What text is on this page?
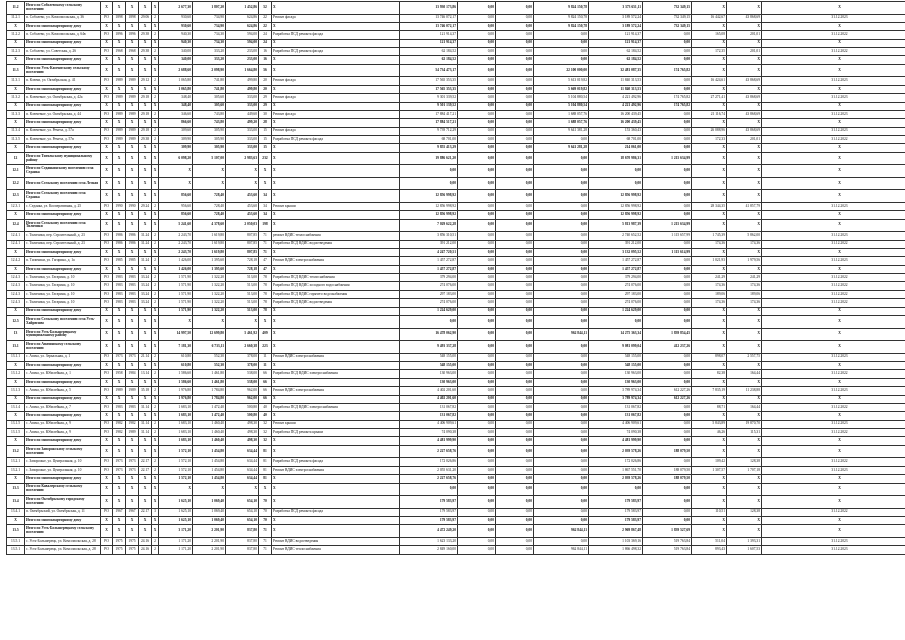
11.2	Итого по Соболевскому сельскому поселению	X	X	X	X	X	2 677,30	1 807,20	1 452,86	52	X	13 930 173,86	0,00	0,00	9 824 150,78	3 373 651,11	732 349,15	X	X	X
11.2.1	п. Соболево, ул. Комсомольская, д. 36	РО	1898	1898	29.06	2	930,60	734,90	624,86	22	Ремонт фасада	13 746 072,17	0,00	0,00	9 824 150,78	3 189 572,24	732 349,15	16 442,67	43 868,69	31.12.2023
X	Итого по многоквартирному дому	X	X	X	X	X	930,60	734,90	624,86	22	X	13 746 072,17	0,00	0,00	9 824 150,78	3 189 572,24	732 349,15	X	X	X
11.2.2	п. Соболево, ул. Комсомольская, д. 64в	РО	1896	1896	29.38	2	940,30	734,30	594,00	24	Разработка ПСД ремонта фасада	121 914,37	0,00	0,00	0,00	121 914,37	0,00	165,08	201,01	31.12.2022
X	Итого по многоквартирному дому	X	X	X	X	X	940,30	734,30	594,00	24	X	121 914,37	0,00	0,00	0,00	121 914,37	0,00	X	X	X
11.2.3	п. Соболево, ул. Советская, д. 26	РО	1968	1968	29.38	2	340,00	333,20	233,00	16	Разработка ПСД ремонта фасада	62 184,52	0,00	0,00	0,00	62 184,52	0,00	172,35	201,01	31.12.2022
X	Итого по многоквартирному дому	X	X	X	X	X	340,00	333,20	233,00	16	X	62 184,52	0,00	0,00	0,00	62 184,52	0,00	X	X	X
11.3	Итого по Усть-Камчатскому сельскому поселению	X	X	X	X	X	2 688,60	2 098,90	1 664,80	56	X	54 734 473,17	0,00	0,00	22 100 000,00	32 481 087,35	174 765,82	X	X	X
11.3.1	п. Ключи, ул. Октябрьская, д. 41	РО	1989	1989	29.12	2	1 065,80	741,80	499,80	20	Ремонт фасада	17 565 353,35	0,00	0,00	5 613 019,82	11 840 313,53	0,00	16 424,61	43 868,69	31.12.2023
X	Итого по многоквартирному дому	X	X	X	X	X	1 065,80	741,80	499,80	20	X	17 565 353,35	0,00	0,00	5 669 019,82	11 840 313,53	0,00	X	X	X
11.3.2	п. Ключевые, ул. Октябрьская, д. 42а	РО	1989	1989	29.18	2	348,40	305,60	333,00	29	Ремонт фасада	9 301 339,52	0,00	0,00	5 104 880,54	4 221 492,96	174 765,82	27 271,41	43 868,69	31.12.2023
X	Итого по многоквартирному дому	X	X	X	X	X	348,40	305,60	333,00	29	X	9 501 139,52	0,00	0,00	5 104 880,54	4 221 492,96	174 765,82	X	X	X
11.3.3	п. Ключевые, ул. Октябрьская, д. 44	РО	1989	1989	29.18	2	346,60	743,80	449,60	30	Ремонт фасада	17 884 417,21	0,00	0,00	1 688 057,76	16 200 439,45	0,00	21 116,74	43 868,69	31.12.2023
X	Итого по многоквартирному дому	X	X	X	X	X	866,60	743,80	499,20	28	X	17 884 517,21	0,00	0,00	1 688 057,76	16 200 439,45	0,00	X	X	X
11.3.4	п. Ключевые, ул. Ремеза, д. 57а	РО	1989	1989	29.18	2	309,60	305,90	333,00	15	Ремонт фасада	9 739 712,29	0,00	0,00	9 641 381,28	153 360,43	0,00	26 088,96	43 868,69	31.12.2023
11.3.5	п. Ключевые, ул. Ремеза, д. 57в	РО	1989	1989	29.38	2	309,90	305,90	333,00	15	Разработка ПСД ремонта фасада	68 701,00	0,00	0,00	0,00	68 701,00	0,00	172,33	201,01	31.12.2022
X	Итого по многоквартирному дому	X	X	X	X	X	309,90	305,90	333,00	15	X	9 855 413,29	0,00	0,00	9 641 281,28	214 061,00	0,00	X	X	X
12	Итого по Тигильскому муниципальному району	X	X	X	X	X	6 098,20	5 107,00	2 983,63	232	X	19 886 621,20	0,00	0,00	0,00	18 670 986,31	1 215 634,99	X	X	X
12.1	Итого по Седанкинскому поселению села Седанка	X	X	X	X	X	X	X	X	X	X	0,00	0,00	0,00	0,00	0,00	0,00	X	X	X
12.2	Итого по Сельскому поселению села Лесная	X	X	X	X	X	X	X	X	X	X	0,00	0,00	0,00	0,00	0,00	0,00	X	X	X
12.3	Итого по Сельскому поселению села Седанка	X	X	X	X	X	856,60	728,40	453,60	34	X	12 856 998,92	0,00	0,00	0,00	12 856 998,92	0,00	X	X	X
12.3.1	с. Седанка, ул. Кооперативная, д. 25	РО	1990	1990	29.24	2	956,60	728,40	453,60	34	Ремонт крыши	12 856 998,92	0,00	0,00	0,00	12 856 998,92	0,00	28 344,35	41 857,79	31.12.2023
X	Итого по многоквартирному дому	X	X	X	X	X	856,60	728,40	453,60	34	X	12 856 998,92	0,00	0,00	0,00	12 856 998,92	0,00	X	X	X
12.4	Итого по Сельскому поселению села Тиличики	X	X	X	X	X	5 241,60	4 378,60	2 050,03	198	X	7 029 622,28	0,00	0,00	0,00	5 813 987,39	1 215 634,99	X	X	X
12.4.1	с. Тиличики, пер. Строительный, д. 23	РО	1986	1986	31.24	2	2 243,70	1 619,80	807,85	71	ремонт ВДИС теплоснабжения	3 856 310,51	0,00	0,00	0,00	2 740 652,52	1 115 657,99	1 745,39	5 862,00	31.12.2023
12.4.1	с. Тиличики, пер. Строительный, д. 23	РО	1986	1986	31.24	2	2 243,70	1 619,80	807,85	71	Разработка ПСД ВДИС водоотведения	391 212,00	0,00	0,00	0,00	391 212,00	0,00	174,36	174,36	31.12.2022
X	Итого по многоквартирному дому	X	X	X	X	X	2 243,70	1 619,80	807,85	71	X	4 247 720,51	0,00	0,00	0,00	3 132 095,52	1 115 614,99	X	X	X
12.4.2	п. Тиличики, ул. Гагарина, д. 1а	РО	1985	1985	31.24	2	1 426,00	1 395,60	728,18	47	Ремонт ВДИС электроснабжения	1 457 272,87	0,00	0,00	0,00	1 457 272,87	0,00	1 021,93	1 979,56	31.12.2023
X	Итого по многоквартирному дому	X	X	X	X	X	1 426,00	1 395,60	728,18	47	X	1 457 272,87	0,00	0,00	0,00	1 457 272,87	0,00	X	X	X
12.4.3	с. Тиличики, ул. Гагарина, д. 10	РО	1983	1983	33.24	2	1 571,90	1 322,20	513,00	78	Разработка ПСД ВДИС теплоснабжения	379 294,00	0,00	0,00	0,00	379 294,00	0,00	241,29	241,29	31.12.2022
12.4.3	с. Тиличики, ул. Гагарина, д. 10	РО	1983	1983	33.24	2	1 571,90	1 322,20	513,00	78	Разработка ПСД ВДИС холодного водоснабжения	274 076,00	0,00	0,00	0,00	274 076,00	0,00	174,36	174,36	31.12.2022
12.4.3	с. Тиличики, ул. Гагарина, д. 10	РО	1983	1983	33.24	2	1 571,90	1 322,20	513,00	78	Разработка ПСД ВДИС горячего водоснабжения	297 183,00	0,00	0,00	0,00	297 183,00	0,00	189,06	189,06	31.12.2022
12.4.3	с. Тиличики, ул. Гагарина, д. 10	РО	1983	1983	33.24	2	1 571,90	1 322,20	513,00	78	Разработка ПСД ВДИС водоотведения	274 076,00	0,00	0,00	0,00	274 076,00	0,00	174,36	174,36	31.12.2022
X	Итого по многоквартирному дому	X	X	X	X	X	1 571,90	1 322,20	513,00	78	X	1 224 629,00	0,00	0,00	0,00	1 224 629,00	0,00	X	X	X
12.5	Итого по Сельскому поселению села Усть-Хайрюзово	X	X	X	X	X	X	X	X	X	X	0,00	0,00	0,00	0,00	0,00	0,00	X	X	X
13	Итого по Усть-Большерецкому муниципальному району	X	X	X	X	X	14 997,50	12 699,80	5 461,92	409	X	16 478 062,90	0,00	0,00	962 844,11	14 275 363,34	1 839 854,45	X	X	X
13.1	Итого по Апачинскому сельскому поселению	X	X	X	X	X	7 181,30	6 733,11	2 660,38	223	X	9 493 337,28	0,00	0,00	0,00	9 081 099,04	412 237,26	X	X	X
13.1.1	с. Апача, ул. Зеркальная, д. 1	РО	1973	1973	21.14	2	610,80	552,30	378,00	11	Ремонт ВДИС электроснабжения	548 155,00	0,00	0,00	0,00	548 155,00	0,00	898,07	2 557,75	31.12.2023
X	Итого по многоквартирному дому	X	X	X	X	X	610,80	552,30	378,00	11	X	548 155,00	0,00	0,00	0,00	548 155,00	0,00	X	X	X
13.1.2	с. Апача, ул. Юбилейная, д. 1	РО	1958	1984	13.14	2	1 586,60	1 461,80	538,00	66	Разработка ПСД ВДИС электроснабжения	130 963,00	0,00	0,00	0,00	130 963,00	0,00	82,38	164,44	31.12.2022
X	Итого по многоквартирному дому	X	X	X	X	X	1 586,60	1 461,80	538,00	66	X	130 963,00	0,00	0,00	0,00	130 963,00	0,00	X	X	X
13.1.3	с. Апача, ул. Юбилейная, д. 5	РО	1989	1989	35.18	2	1 976,80	1 784,80	962,00	66	Ремонт ВДИС электроснабжения	4 402 201,60	0,00	0,00	0,00	3 789 974,34	612 227,26	7 835,19	11 238,88	31.12.2023
X	Итого по многоквартирному дому	X	X	X	X	X	1 976,80	1 784,80	962,00	66	X	4 402 201,60	0,00	0,00	0,00	3 789 974,34	612 227,26	X	X	X
13.1.4	с. Апача, ул. Юбилейная, д. 7	РО	1983	1983	31.14	2	1 683,10	1 472,40	500,80	40	Разработка ПСД ВДИС электроснабжения	131 067,82	0,00	0,00	0,00	131 067,82	0,00	88,71	164,44	31.12.2022
X	Итого по многоквартирному дому	X	X	X	X	X	1 683,10	1 472,40	500,80	40	X	131 067,82	0,00	0,00	0,00	131 067,82	0,00	X	X	X
13.1.5	с. Апача, ул. Юбилейная, д. 9	РО	1982	1982	31.14	2	1 683,10	1 460,40	498,30	32	Ремонт крыши	4 406 909,61	0,00	0,00	0,00	4 406 909,61	0,00	5 843,89	19 870,70	31.12.2023
13.1.5	с. Апача, ул. Юбилейная, д. 9	РО	1982	1989	31.14	2	1 683,10	1 460,40	498,30	32	Разработка ПСД ремонта крыши	74 090,38	0,00	0,00	0,00	74 090,38	0,00	46,26	115,31	31.12.2022
X	Итого по многоквартирному дому	X	X	X	X	X	1 683,10	1 460,40	498,30	32	X	4 481 999,90	0,00	0,00	0,00	4 481 999,90	0,00	X	X	X
13.2	Итого по Запорожскому сельскому поселению	X	X	X	X	X	1 572,10	1 454,80	634,44	81	X	2 227 658,76	0,00	0,00	0,00	2 039 578,26	188 079,50	X	X	X
13.2.1	с. Запорожье, ул. Центральная, д. 10	РО	1973	1973	22.17	2	1 572,10	1 454,80	634,44	81	Разработка ПСД ремонта фасада	172 026,86	0,00	0,00	0,00	172 026,86	0,00	109,42	128,38	31.12.2022
13.2.1	с. Запорожье, ул. Центральная, д. 10	РО	1973	1973	22.17	2	1 572,10	1 454,80	634,44	81	Ремонт ВДИС электроснабжения	2 055 631,20	0,00	0,00	0,00	1 867 551,70	188 079,50	1 307,57	1 707,18	31.12.2023
X	Итого по многоквартирному дому	X	X	X	X	X	1 572,10	1 454,80	634,44	81	X	2 227 658,76	0,00	0,00	0,00	2 039 578,26	188 079,50	X	X	X
13.3	Итого по Кавалерскому сельскому поселению	X	X	X	X	X	X	X	X	X	X	0,00	0,00	0,00	0,00	0,00	0,00	X	X	X
13.4	Итого по Октябрьскому городскому поселению	X	X	X	X	X	1 625,10	1 069,40	654,10	70	X	179 583,97	0,00	0,00	0,00	179 583,97	0,00	X	X	X
13.4.1	п. Октябрьский, ул. Октябрьская, д. 11	РО	1967	1967	22.17	3	1 625,10	1 069,40	654,10	70	Разработка ПСД ремонта фасада	179 583,97	0,00	0,00	0,00	179 583,97	0,00	110,51	128,38	31.12.2022
X	Итого по многоквартирному дому	X	X	X	X	X	1 625,10	1 069,40	654,10	70	X	179 583,97	0,00	0,00	0,00	179 583,97	0,00	X	X	X
13.5	Итого по Усть-Большерецкому сельскому поселению	X	X	X	X	X	3 171,20	2 201,90	837,80	71	X	4 472 249,20	0,00	0,00	962 844,11	2 969 867,48	1 839 527,69	X	X	X
13.5.1	с. Усть-Большерецк, ул. Комсомольская, д. 28	РО	1975	1975	24.16	2	1 171,20	2 201,90	837,80	71	Ремонт ВДИС водоотведения	1 623 133,20	0,00	0,00	0,00	1 103 369,16	519 763,84	511,04	1 393,31	31.12.2023
13.5.1	с. Усть-Большерецк, ул. Комсомольская, д. 28	РО	1975	1975	24.16	2	1 171,20	2 201,90	837,80	71	Ремонт ВДИС теплоснабжения	2 849 160,00	0,00	0,00	962 844,11	1 866 498,32	519 763,84	893,43	1 607,53	31.12.2023
